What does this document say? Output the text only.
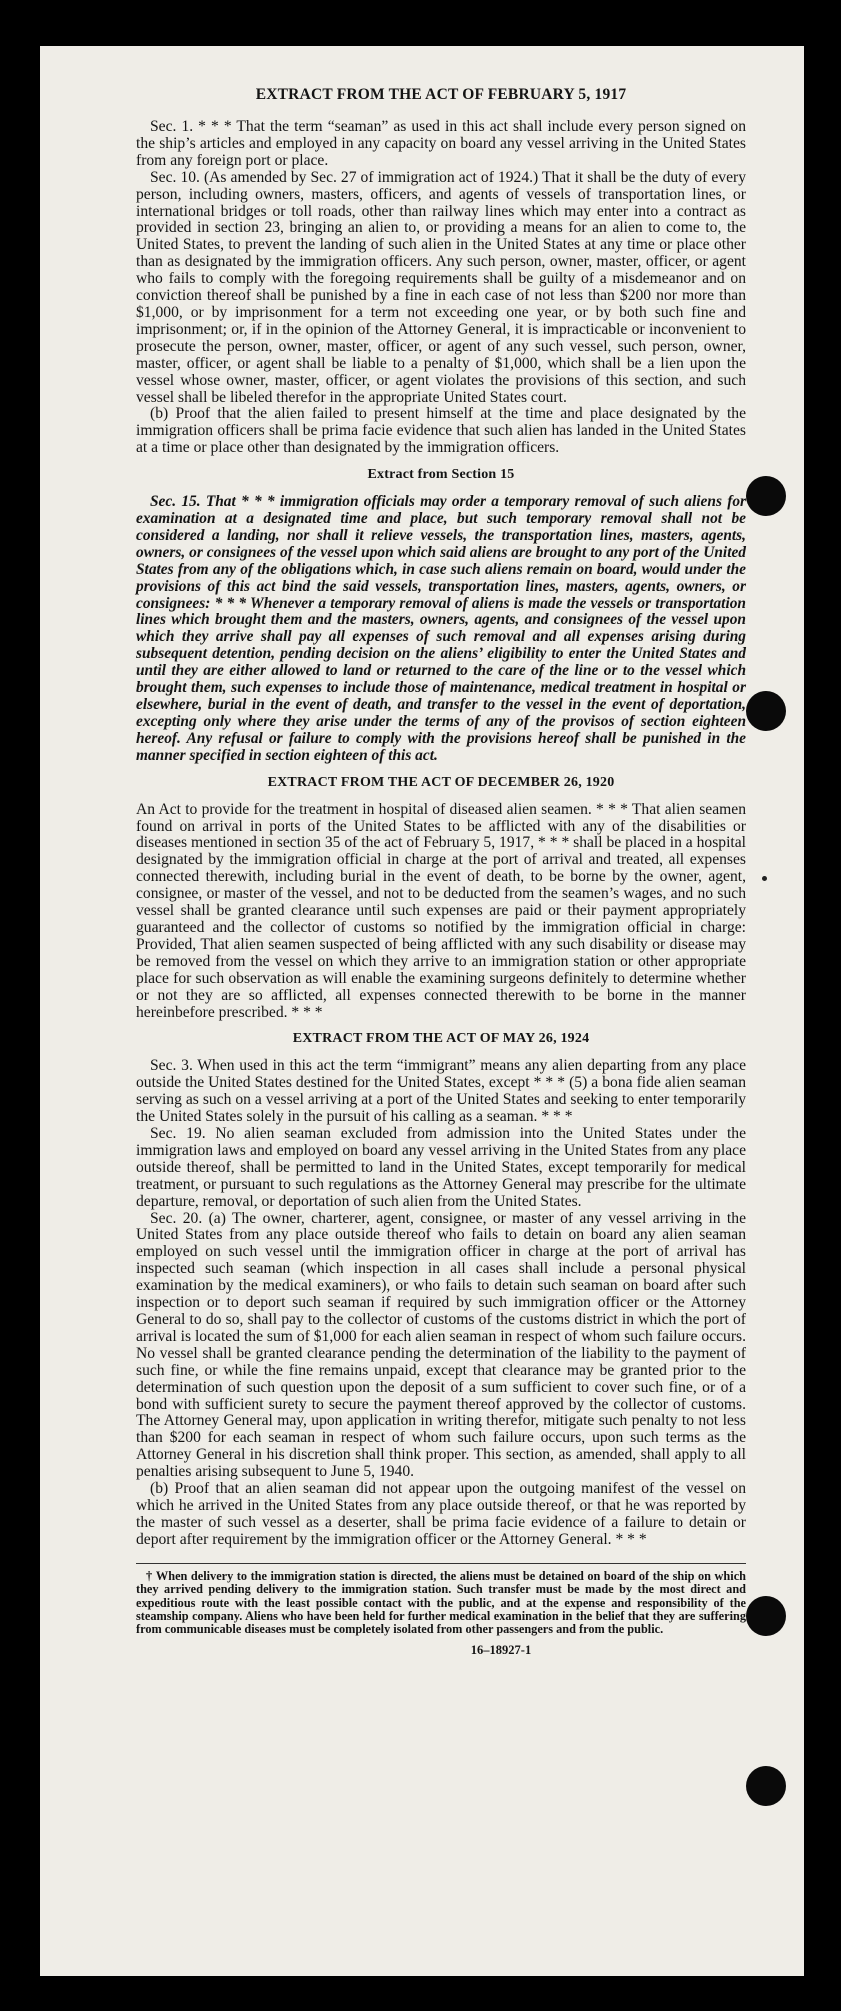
EXTRACT FROM THE ACT OF FEBRUARY 5, 1917

Sec. 1. * * * That the term “seaman” as used in this act shall include every person signed on the ship’s articles and employed in any capacity on board any vessel arriving in the United States from any foreign port or place.

Sec. 10. (As amended by Sec. 27 of immigration act of 1924.) That it shall be the duty of every person, including owners, masters, officers, and agents of vessels of transportation lines, or international bridges or toll roads, other than railway lines which may enter into a contract as provided in section 23, bringing an alien to, or providing a means for an alien to come to, the United States, to prevent the landing of such alien in the United States at any time or place other than as designated by the immigration officers. Any such person, owner, master, officer, or agent who fails to comply with the foregoing requirements shall be guilty of a misdemeanor and on conviction thereof shall be punished by a fine in each case of not less than $200 nor more than $1,000, or by imprisonment for a term not exceeding one year, or by both such fine and imprisonment; or, if in the opinion of the Attorney General, it is impracticable or inconvenient to prosecute the person, owner, master, officer, or agent of any such vessel, such person, owner, master, officer, or agent shall be liable to a penalty of $1,000, which shall be a lien upon the vessel whose owner, master, officer, or agent violates the provisions of this section, and such vessel shall be libeled therefor in the appropriate United States court.

(b) Proof that the alien failed to present himself at the time and place designated by the immigration officers shall be prima facie evidence that such alien has landed in the United States at a time or place other than designated by the immigration officers.

Extract from Section 15

Sec. 15. That * * * immigration officials may order a temporary removal of such aliens for examination at a designated time and place, but such temporary removal shall not be considered a landing, nor shall it relieve vessels, the transportation lines, masters, agents, owners, or consignees of the vessel upon which said aliens are brought to any port of the United States from any of the obligations which, in case such aliens remain on board, would under the provisions of this act bind the said vessels, transportation lines, masters, agents, owners, or consignees: * * * Whenever a temporary removal of aliens is made the vessels or transportation lines which brought them and the masters, owners, agents, and consignees of the vessel upon which they arrive shall pay all expenses of such removal and all expenses arising during subsequent detention, pending decision on the aliens’ eligibility to enter the United States and until they are either allowed to land or returned to the care of the line or to the vessel which brought them, such expenses to include those of maintenance, medical treatment in hospital or elsewhere, burial in the event of death, and transfer to the vessel in the event of deportation, excepting only where they arise under the terms of any of the provisos of section eighteen hereof. Any refusal or failure to comply with the provisions hereof shall be punished in the manner specified in section eighteen of this act.

EXTRACT FROM THE ACT OF DECEMBER 26, 1920

An Act to provide for the treatment in hospital of diseased alien seamen. * * * That alien seamen found on arrival in ports of the United States to be afflicted with any of the disabilities or diseases mentioned in section 35 of the act of February 5, 1917, * * * shall be placed in a hospital designated by the immigration official in charge at the port of arrival and treated, all expenses connected therewith, including burial in the event of death, to be borne by the owner, agent, consignee, or master of the vessel, and not to be deducted from the seamen’s wages, and no such vessel shall be granted clearance until such expenses are paid or their payment appropriately guaranteed and the collector of customs so notified by the immigration official in charge: Provided, That alien seamen suspected of being afflicted with any such disability or disease may be removed from the vessel on which they arrive to an immigration station or other appropriate place for such observation as will enable the examining surgeons definitely to determine whether or not they are so afflicted, all expenses connected therewith to be borne in the manner hereinbefore prescribed. * * *

EXTRACT FROM THE ACT OF MAY 26, 1924

Sec. 3. When used in this act the term “immigrant” means any alien departing from any place outside the United States destined for the United States, except * * * (5) a bona fide alien seaman serving as such on a vessel arriving at a port of the United States and seeking to enter temporarily the United States solely in the pursuit of his calling as a seaman. * * *

Sec. 19. No alien seaman excluded from admission into the United States under the immigration laws and employed on board any vessel arriving in the United States from any place outside thereof, shall be permitted to land in the United States, except temporarily for medical treatment, or pursuant to such regulations as the Attorney General may prescribe for the ultimate departure, removal, or deportation of such alien from the United States.

Sec. 20. (a) The owner, charterer, agent, consignee, or master of any vessel arriving in the United States from any place outside thereof who fails to detain on board any alien seaman employed on such vessel until the immigration officer in charge at the port of arrival has inspected such seaman (which inspection in all cases shall include a personal physical examination by the medical examiners), or who fails to detain such seaman on board after such inspection or to deport such seaman if required by such immigration officer or the Attorney General to do so, shall pay to the collector of customs of the customs district in which the port of arrival is located the sum of $1,000 for each alien seaman in respect of whom such failure occurs. No vessel shall be granted clearance pending the determination of the liability to the payment of such fine, or while the fine remains unpaid, except that clearance may be granted prior to the determination of such question upon the deposit of a sum sufficient to cover such fine, or of a bond with sufficient surety to secure the payment thereof approved by the collector of customs. The Attorney General may, upon application in writing therefor, mitigate such penalty to not less than $200 for each seaman in respect of whom such failure occurs, upon such terms as the Attorney General in his discretion shall think proper. This section, as amended, shall apply to all penalties arising subsequent to June 5, 1940.

(b) Proof that an alien seaman did not appear upon the outgoing manifest of the vessel on which he arrived in the United States from any place outside thereof, or that he was reported by the master of such vessel as a deserter, shall be prima facie evidence of a failure to detain or deport after requirement by the immigration officer or the Attorney General. * * *

† When delivery to the immigration station is directed, the aliens must be detained on board of the ship on which they arrived pending delivery to the immigration station. Such transfer must be made by the most direct and expeditious route with the least possible contact with the public, and at the expense and responsibility of the steamship company. Aliens who have been held for further medical examination in the belief that they are suffering from communicable diseases must be completely isolated from other passengers and from the public.
16–18927-1
